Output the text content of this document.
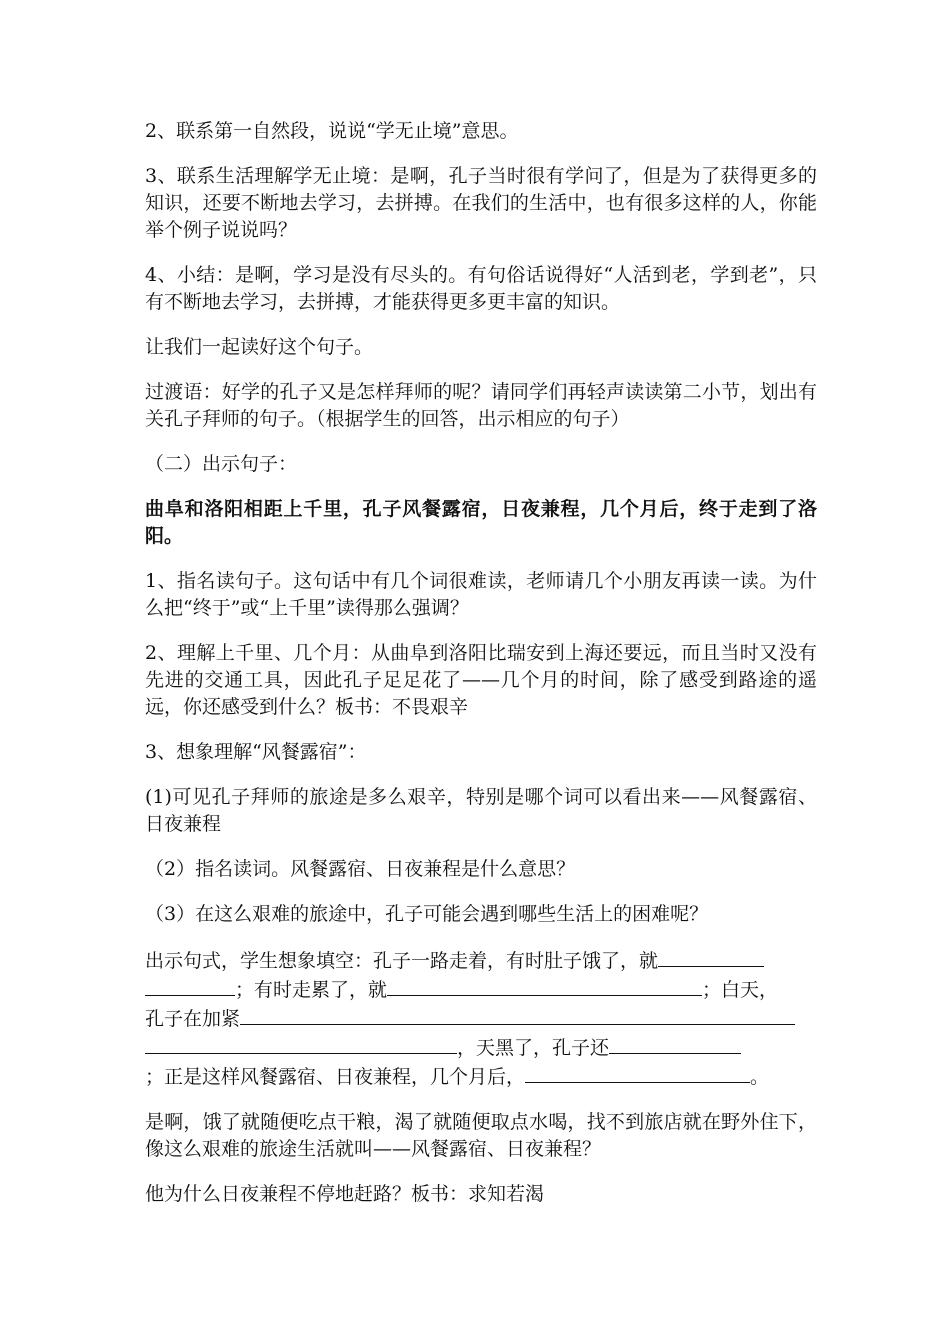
2、联系第一自然段，说说“学无止境”意思。

3、联系生活理解学无止境：是啊，孔子当时很有学问了，但是为了获得更多的知识，还要不断地去学习，去拼搏。在我们的生活中，也有很多这样的人，你能举个例子说说吗？

4、小结：是啊，学习是没有尽头的。有句俗话说得好“人活到老，学到老”，只有不断地去学习，去拼搏，才能获得更多更丰富的知识。

让我们一起读好这个句子。

过渡语：好学的孔子又是怎样拜师的呢？请同学们再轻声读读第二小节，划出有关孔子拜师的句子。（根据学生的回答，出示相应的句子）

（二）出示句子：

曲阜和洛阳相距上千里，孔子风餐露宿，日夜兼程，几个月后，终于走到了洛阳。

1、指名读句子。这句话中有几个词很难读，老师请几个小朋友再读一读。为什么把“终于”或“上千里”读得那么强调？

2、理解上千里、几个月：从曲阜到洛阳比瑞安到上海还要远，而且当时又没有先进的交通工具，因此孔子足足花了——几个月的时间，除了感受到路途的遥远，你还感受到什么？板书：不畏艰辛

3、想象理解“风餐露宿”：

(1)可见孔子拜师的旅途是多么艰辛，特别是哪个词可以看出来——风餐露宿、日夜兼程

（2）指名读词。风餐露宿、日夜兼程是什么意思？

（3）在这么艰难的旅途中，孔子可能会遇到哪些生活上的困难呢？

出示句式，学生想象填空：孔子一路走着，有时肚子饿了，就
；有时走累了，就	；白天，
孔子在加紧
，天黑了，孔子还
；正是这样风餐露宿、日夜兼程，几个月后，	。

是啊，饿了就随便吃点干粮，渴了就随便取点水喝，找不到旅店就在野外住下，像这么艰难的旅途生活就叫——风餐露宿、日夜兼程？

他为什么日夜兼程不停地赶路？板书：求知若渴
